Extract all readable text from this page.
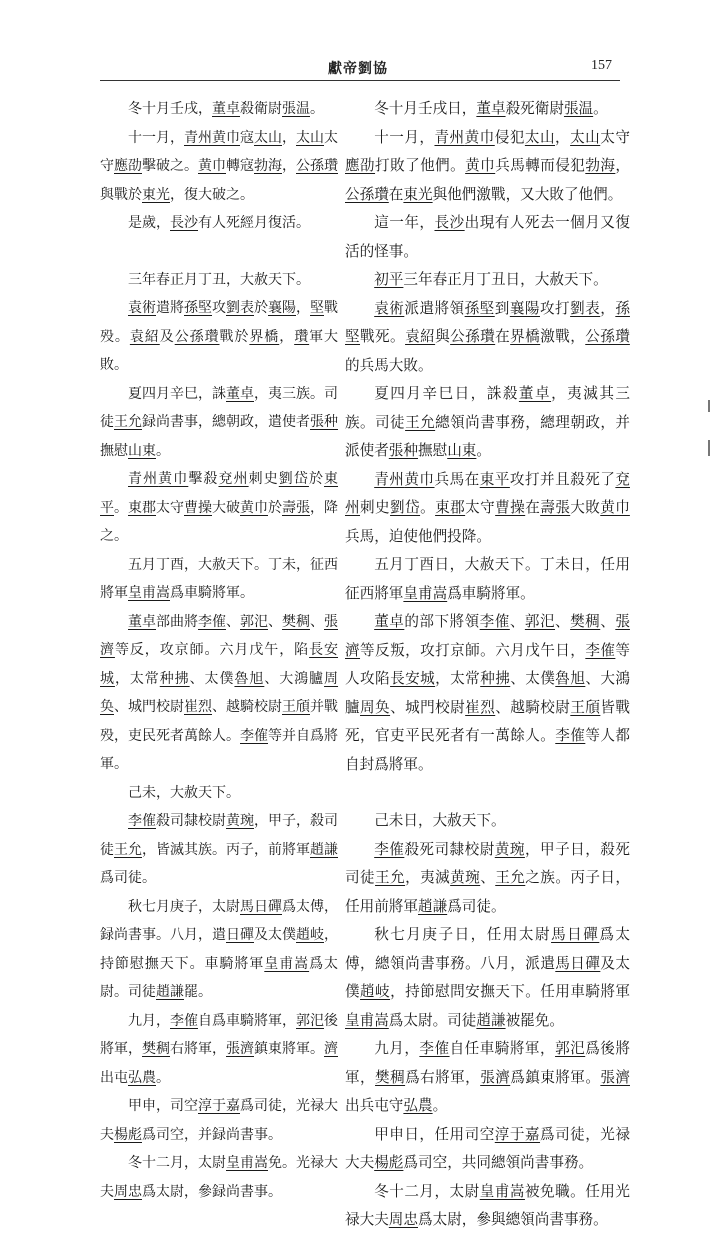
獻帝劉協	157

冬十月壬戌，董卓殺衛尉張温。

十一月，青州黄巾寇太山，太山太守應劭擊破之。黄巾轉寇勃海，公孫瓚與戰於東光，復大破之。

是歲，長沙有人死經月復活。

三年春正月丁丑，大赦天下。

袁術遣將孫堅攻劉表於襄陽，堅戰殁。袁紹及公孫瓚戰於界橋，瓚軍大敗。

夏四月辛巳，誅董卓，夷三族。司徒王允録尚書事，總朝政，遣使者張种撫慰山東。

青州黄巾擊殺兗州刺史劉岱於東平。東郡太守曹操大破黄巾於壽張，降之。

五月丁酉，大赦天下。丁未，征西將軍皇甫嵩爲車騎將軍。

董卓部曲將李傕、郭汜、樊稠、張濟等反，攻京師。六月戊午，陷長安城，太常种拂、太僕魯旭、大鴻臚周奂、城門校尉崔烈、越騎校尉王頎并戰殁，吏民死者萬餘人。李傕等并自爲將軍。

己未，大赦天下。

李傕殺司隸校尉黄琬，甲子，殺司徒王允，皆滅其族。丙子，前將軍趙謙爲司徒。

秋七月庚子，太尉馬日磾爲太傅，録尚書事。八月，遣日磾及太僕趙岐，持節慰撫天下。車騎將軍皇甫嵩爲太尉。司徒趙謙罷。

九月，李傕自爲車騎將軍，郭汜後將軍，樊稠右將軍，張濟鎮東將軍。濟出屯弘農。

甲申，司空淳于嘉爲司徒，光禄大夫楊彪爲司空，并録尚書事。

冬十二月，太尉皇甫嵩免。光禄大夫周忠爲太尉，參録尚書事。

冬十月壬戌日，董卓殺死衛尉張温。

十一月，青州黄巾侵犯太山，太山太守應劭打敗了他們。黄巾兵馬轉而侵犯勃海，公孫瓚在東光與他們激戰，又大敗了他們。

這一年，長沙出現有人死去一個月又復活的怪事。

初平三年春正月丁丑日，大赦天下。

袁術派遣將領孫堅到襄陽攻打劉表，孫堅戰死。袁紹與公孫瓚在界橋激戰，公孫瓚的兵馬大敗。

夏四月辛巳日，誅殺董卓，夷滅其三族。司徒王允總領尚書事務，總理朝政，并派使者張种撫慰山東。

青州黄巾兵馬在東平攻打并且殺死了兗州刺史劉岱。東郡太守曹操在壽張大敗黄巾兵馬，迫使他們投降。

五月丁酉日，大赦天下。丁未日，任用征西將軍皇甫嵩爲車騎將軍。

董卓的部下將領李傕、郭汜、樊稠、張濟等反叛，攻打京師。六月戊午日，李傕等人攻陷長安城，太常种拂、太僕魯旭、大鴻臚周奂、城門校尉崔烈、越騎校尉王頎皆戰死，官吏平民死者有一萬餘人。李傕等人都自封爲將軍。

己未日，大赦天下。

李傕殺死司隸校尉黄琬，甲子日，殺死司徒王允，夷滅黄琬、王允之族。丙子日，任用前將軍趙謙爲司徒。

秋七月庚子日，任用太尉馬日磾爲太傅，總領尚書事務。八月，派遣馬日磾及太僕趙岐，持節慰問安撫天下。任用車騎將軍皇甫嵩爲太尉。司徒趙謙被罷免。

九月，李傕自任車騎將軍，郭汜爲後將軍，樊稠爲右將軍，張濟爲鎮東將軍。張濟出兵屯守弘農。

甲申日，任用司空淳于嘉爲司徒，光禄大夫楊彪爲司空，共同總領尚書事務。

冬十二月，太尉皇甫嵩被免職。任用光禄大夫周忠爲太尉，參與總領尚書事務。
